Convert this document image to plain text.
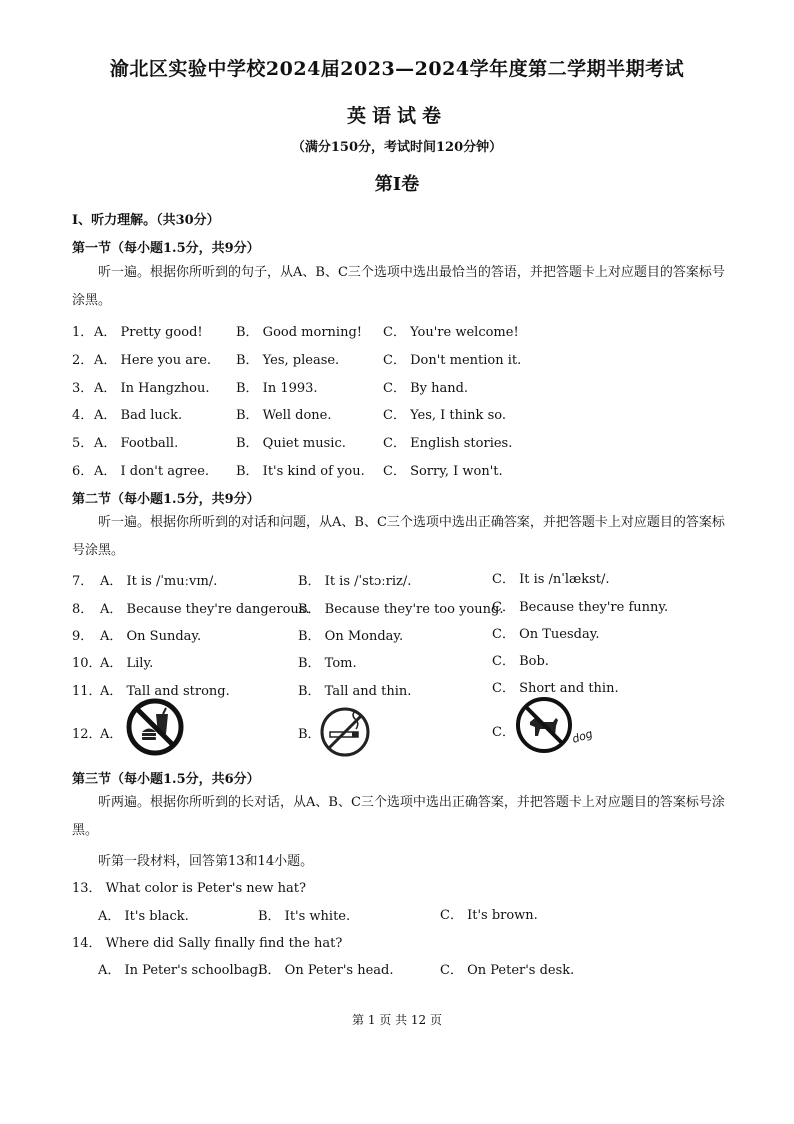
渝北区实验中学校2024届2023—2024学年度第二学期半期考试
英语试卷
（满分150分，考试时间120分钟）
第Ⅰ卷
Ⅰ、听力理解。（共30分）
第一节（每小题1.5分，共9分）
听一遍。根据你所听到的句子，从A、B、C三个选项中选出最恰当的答语，并把答题卡上对应题目的答案标号涂黑。
1． A． Pretty good!	B． Good morning! C． You're welcome!
2． A． Here you are. B． Yes, please.	C． Don't mention it.
3． A． In Hangzhou. B． In 1993.	C． By hand.
4． A． Bad luck.	B． Well done.	C． Yes, I think so.
5． A． Football.	B． Quiet music.	C． English stories.
6． A． I don't agree. B． It's kind of you. C． Sorry, I won't.
第二节（每小题1.5分，共9分）
听一遍。根据你所听到的对话和问题，从A、B、C三个选项中选出正确答案，并把答题卡上对应题目的答案标号涂黑。
7． A． It is /ˈmuːvɪn/.	B． It is /ˈstɔːriz/.	C． It is /nˈlækst/.
8． A． Because they're dangerous.
B． Because they're too young.
C． Because they're funny.
9． A． On Sunday.	B． On Monday.	C． On Tuesday.
10．
A． Lily.	B． Tom.	C． Bob.
11．
A． Tall and strong.	B． Tall and thin.	C． Short and thin.
12．
A．	B．	C．	dog
第三节（每小题1.5分，共6分）
听两遍。根据你所听到的长对话，从A、B、C三个选项中选出正确答案，并把答题卡上对应题目的答案标号涂黑。
听第一段材料，回答第13和14小题。
13． What color is Peter's new hat?
A． It's black.	B． It's white.	C． It's brown.
14． Where did Sally finally find the hat?
A． In Peter's schoolbag.
B． On Peter's head.	C． On Peter's desk.
第 1 页 共 12 页
